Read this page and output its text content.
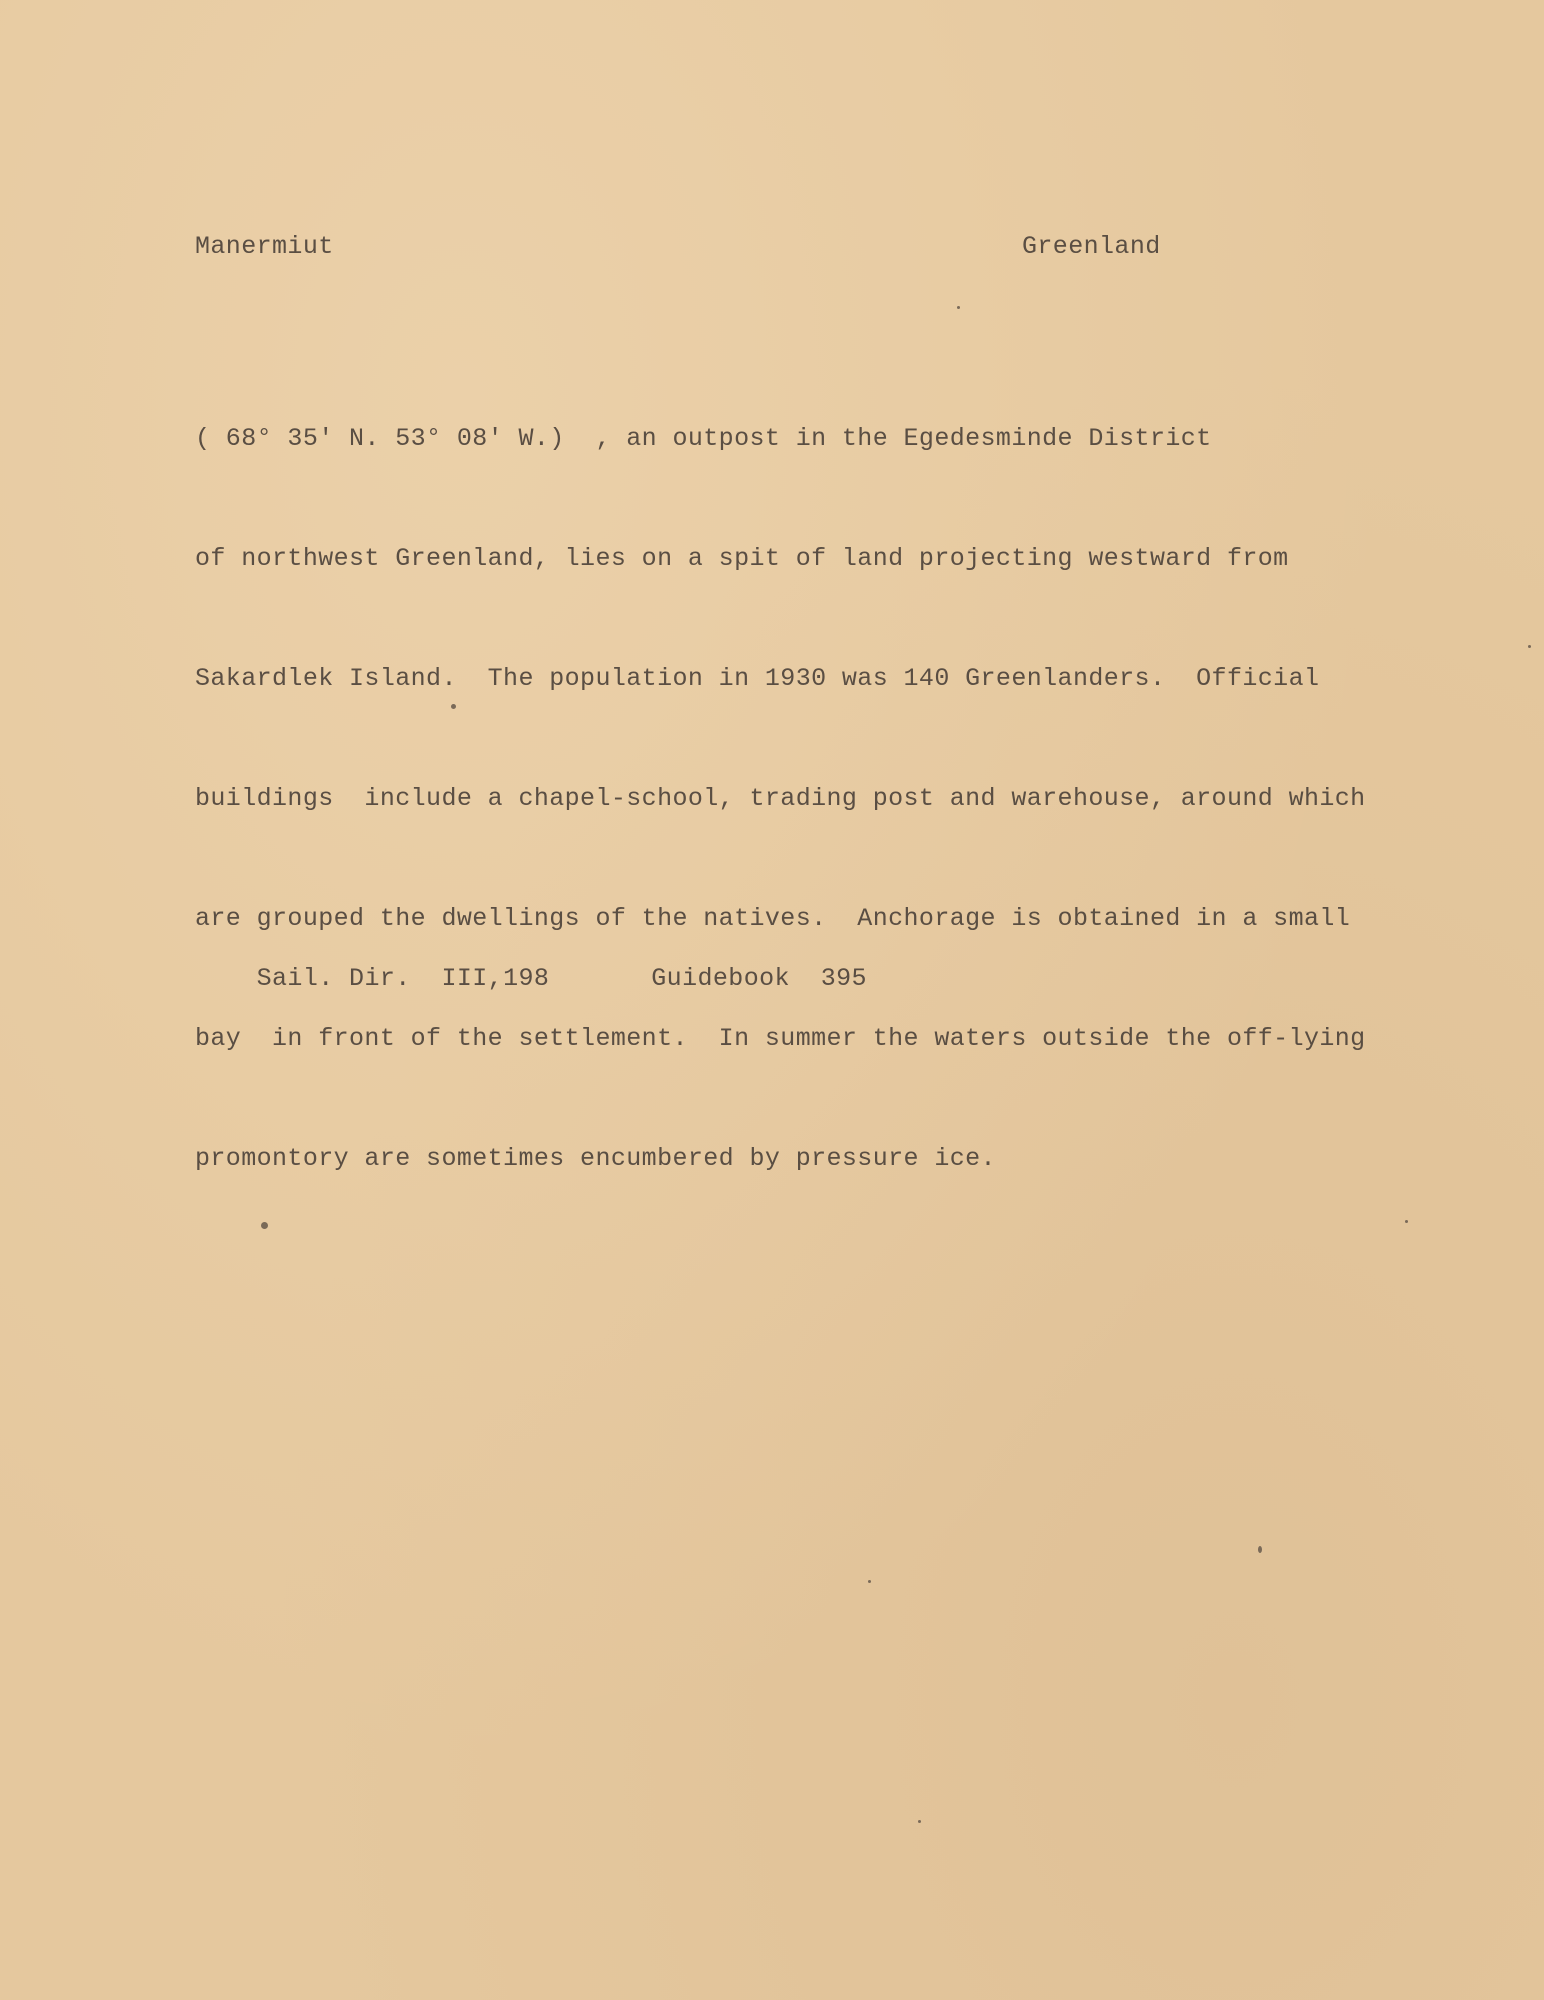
Manermiut	Greenland

( 68° 35' N. 53° 08' W.)  , an outpost in the Egedesminde District

of northwest Greenland, lies on a spit of land projecting westward from

Sakardlek Island.  The population in 1930 was 140 Greenlanders.  Official

buildings  include a chapel-school, trading post and warehouse, around which

are grouped the dwellings of the natives.  Anchorage is obtained in a small

bay  in front of the settlement.  In summer the waters outside the off-lying

promontory are sometimes encumbered by pressure ice.

Sail. Dir.  III,198	Guidebook  395
